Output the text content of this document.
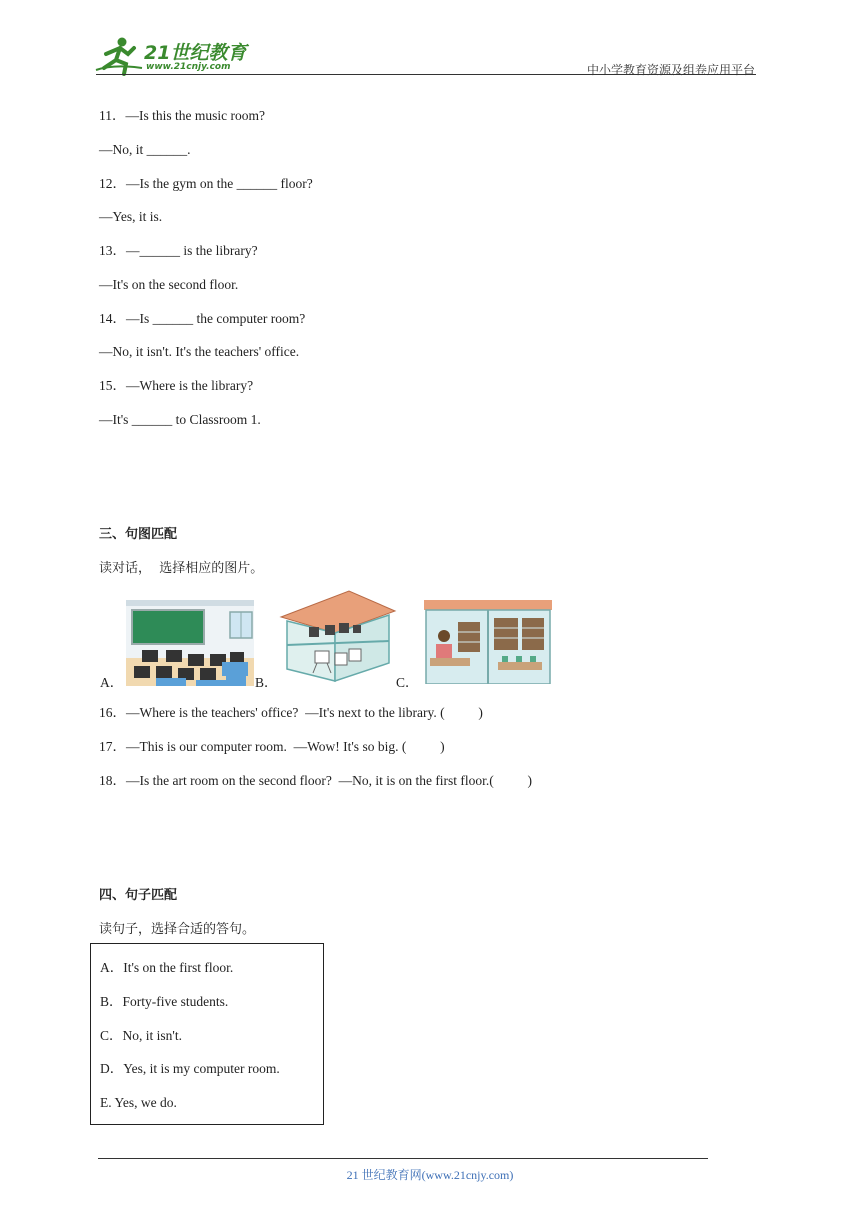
21世纪教育
www.21cnjy.com	中小学教育资源及组卷应用平台
11．—Is this the music room?
—No, it ______.
12．—Is the gym on the ______ floor?
—Yes, it is.
13．—______ is the library?
—It's on the second floor.
14．—Is ______ the computer room?
—No, it isn't. It's the teachers' office.
15．—Where is the library?
—It's ______ to Classroom 1.
三、句图匹配
读对话，  选择相应的图片。
A．	B．	C．
16．—Where is the teachers' office?  —It's next to the library. (          )
17．—This is our computer room.  —Wow! It's so big. (          )
18．—Is the art room on the second floor?  —No, it is on the first floor.(          )
四、句子匹配
读句子，选择合适的答句。
A．It's on the first floor.
B．Forty-five students.
C．No, it isn't.
D．Yes, it is my computer room.
E. Yes, we do.
21 世纪教育网(www.21cnjy.com)
